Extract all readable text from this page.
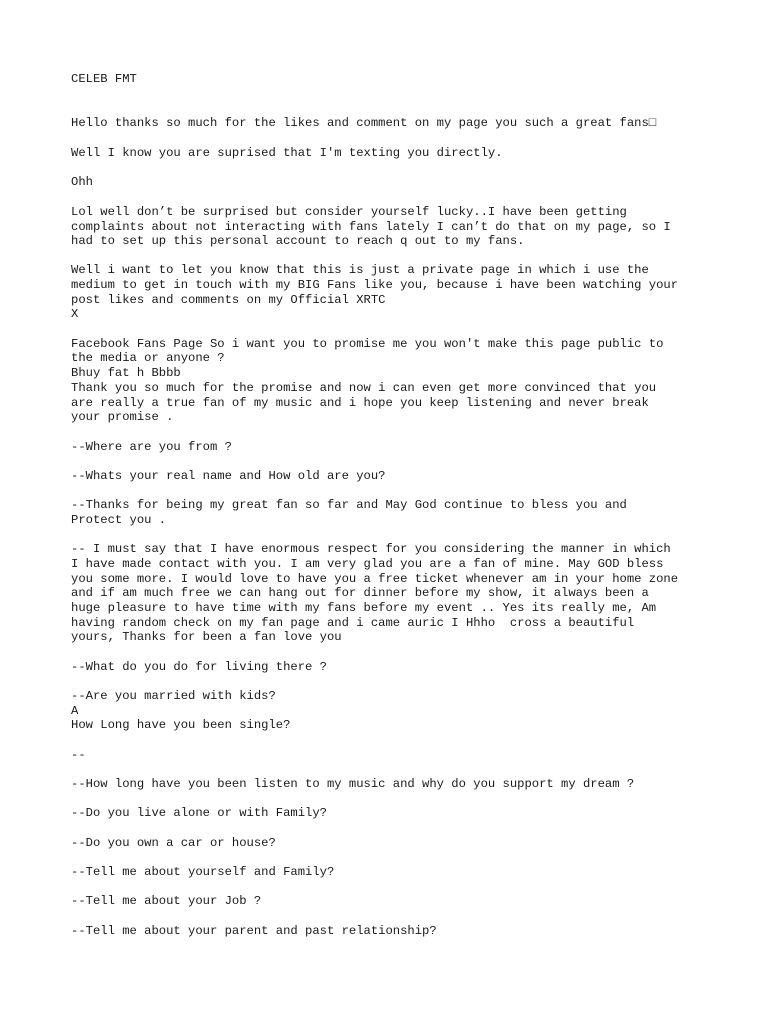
CELEB FMT

Hello thanks so much for the likes and comment on my page you such a great fans□

Well I know you are suprised that I'm texting you directly.

Ohh

Lol well don’t be surprised but consider yourself lucky..I have been getting

complaints about not interacting with fans lately I can’t do that on my page, so I

had to set up this personal account to reach q out to my fans.

Well i want to let you know that this is just a private page in which i use the

medium to get in touch with my BIG Fans like you, because i have been watching your

post likes and comments on my Official XRTC

X

Facebook Fans Page So i want you to promise me you won't make this page public to

the media or anyone ?

Bhuy fat h Bbbb

Thank you so much for the promise and now i can even get more convinced that you

are really a true fan of my music and i hope you keep listening and never break

your promise .

--Where are you from ?

--Whats your real name and How old are you?

--Thanks for being my great fan so far and May God continue to bless you and

Protect you .

-- I must say that I have enormous respect for you considering the manner in which

I have made contact with you. I am very glad you are a fan of mine. May GOD bless

you some more. I would love to have you a free ticket whenever am in your home zone

and if am much free we can hang out for dinner before my show, it always been a

huge pleasure to have time with my fans before my event .. Yes its really me, Am

having random check on my fan page and i came auric I Hhho  cross a beautiful

yours, Thanks for been a fan love you

--What do you do for living there ?

--Are you married with kids?

A

How Long have you been single?

--

--How long have you been listen to my music and why do you support my dream ?

--Do you live alone or with Family?

--Do you own a car or house?

--Tell me about yourself and Family?

--Tell me about your Job ?

--Tell me about your parent and past relationship?
